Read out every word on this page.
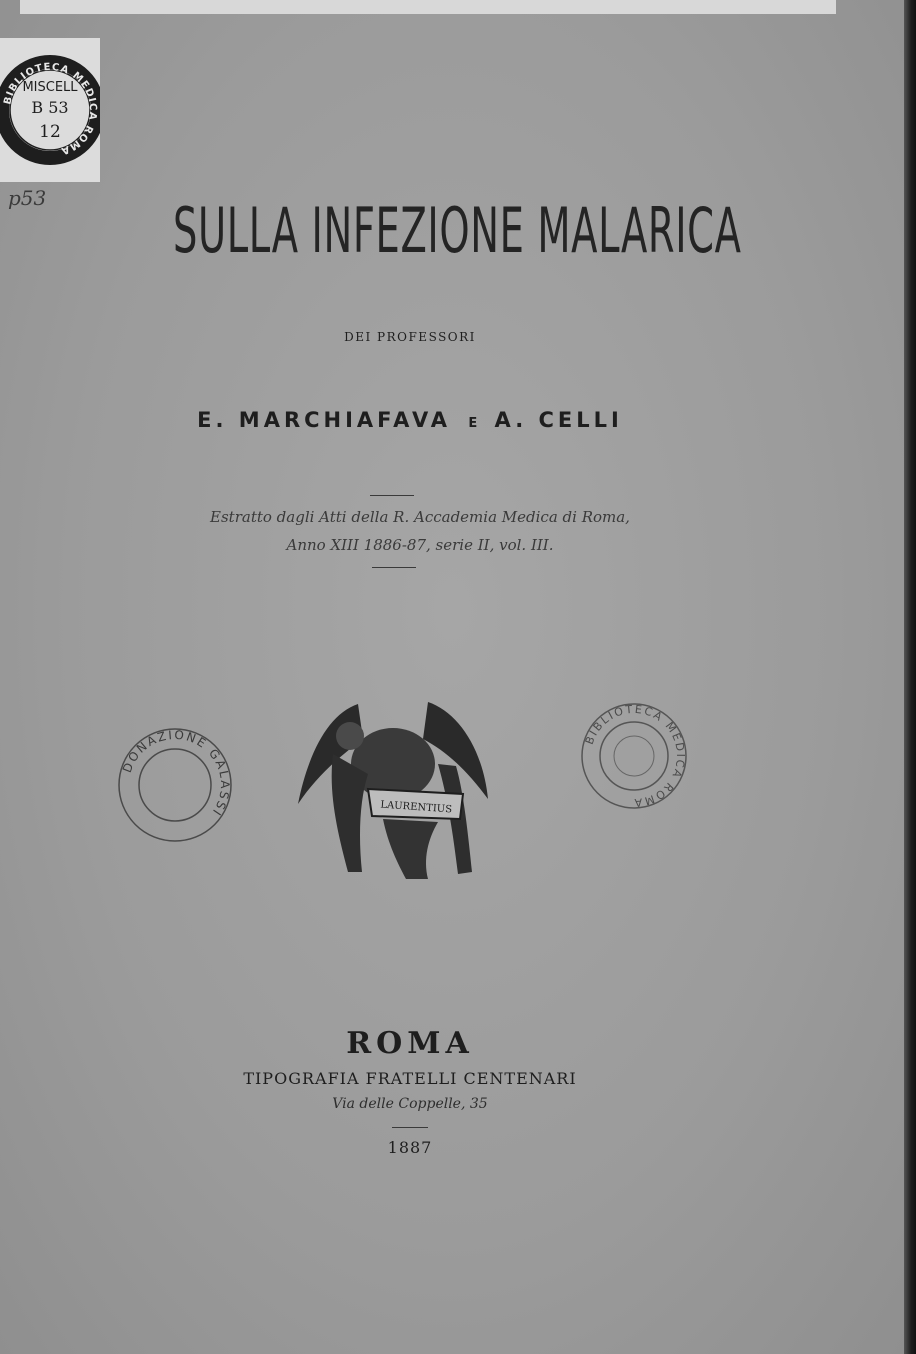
BIBLIOTECA MEDICA ROMA
MISCELL
B 53
12
p53 SULLA INFEZIONE MALARICA
DEI PROFESSORI
E. MARCHIAFAVA E A. CELLI
Estratto dagli Atti della R. Accademia Medica di Roma,
Anno XIII 1886-87, serie II, vol. III.
DONAZIONE GALASSI	LAURENTIUS
BIBLIOTECA MEDICA ROMA
ROMA
TIPOGRAFIA FRATELLI CENTENARI
Via delle Coppelle, 35
1887
